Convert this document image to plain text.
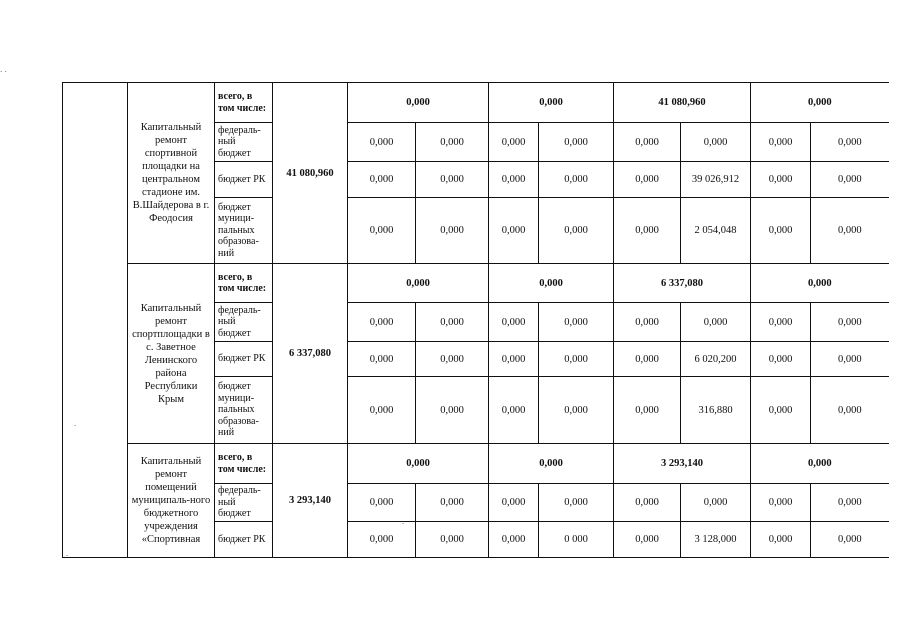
. .
.
.
.
	Капитальный ремонт спортивной площадки на центральном стадионе им. В.Шайдерова в г. Феодосия	всего, в том числе:	41 080,960	0,000		0,000		41 080,960		0,000	
		федераль-ный бюджет		0,000	0,000	0,000	0,000	0,000	0,000	0,000	0,000
		бюджет РК		0,000	0,000	0,000	0,000	0,000	39 026,912	0,000	0,000
		бюджет муници-пальных образова-ний		0,000	0,000	0,000	0,000	0,000	2 054,048	0,000	0,000
	Капитальный ремонт спортплощадки в с. Заветное Ленинского района Республики Крым	всего, в том числе:	6 337,080	0,000		0,000		6 337,080		0,000	
		федераль-ный бюджет		0,000	0,000	0,000	0,000	0,000	0,000	0,000	0,000
		бюджет РК		0,000	0,000	0,000	0,000	0,000	6 020,200	0,000	0,000
		бюджет муници-пальных образова-ний		0,000	0,000	0,000	0,000	0,000	316,880	0,000	0,000
	Капитальный ремонт помещений муниципаль-ного бюджетного учреждения «Спортивная	всего, в том числе:	3 293,140	0,000		0,000		3 293,140		0,000	
		федераль-ный бюджет		0,000	0,000	0,000	0,000	0,000	0,000	0,000	0,000
		бюджет РК		0,000	0,000	0,000	0 000	0,000	3 128,000	0,000	0,000
